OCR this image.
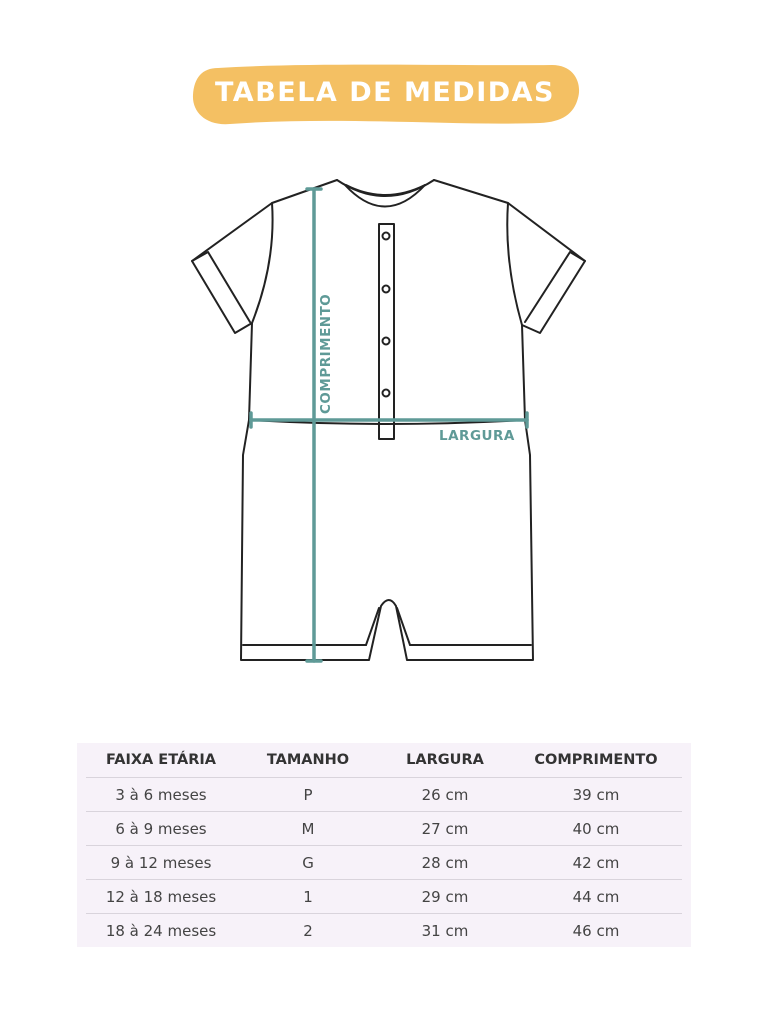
TABELA DE MEDIDAS
COMPRIMENTO
LARGURA
FAIXA ETÁRIA	TAMANHO	LARGURA	COMPRIMENTO
3 à 6 meses	P	26 cm	39 cm
6 à 9 meses	M	27 cm	40 cm
9 à 12 meses	G	28 cm	42 cm
12 à 18 meses	1	29 cm	44 cm
18 à 24 meses	2	31 cm	46 cm
